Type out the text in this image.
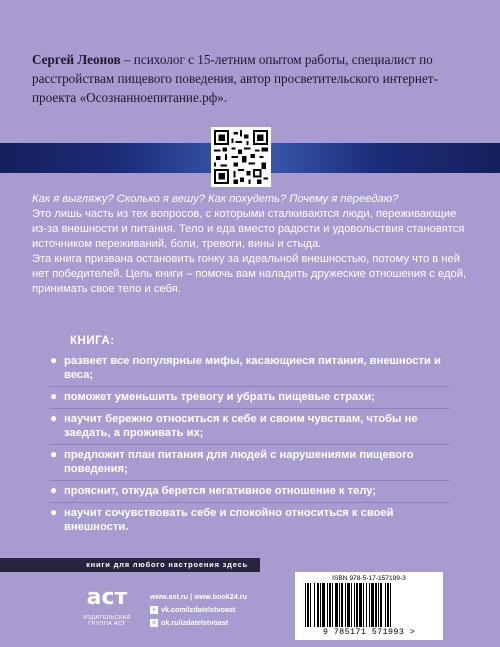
Сергей Леонов – психолог с 15-летним опытом работы, специалист по расстройствам пищевого поведения, автор просветительского интернет-проекта «Осознанноепитание.рф».
Как я выгляжу? Сколько я вешу? Как похудеть? Почему я переедаю?

Это лишь часть из тех вопросов, с которыми сталкиваются люди, переживающие из-за внешности и питания. Тело и еда вместо радости и удовольствия становятся источником переживаний, боли, тревоги, вины и стыда.

Эта книга призвана остановить гонку за идеальной внешностью, потому что в ней нет победителей. Цель книги – помочь вам наладить дружеские отношения с едой, принимать свое тело и себя.

КНИГА:
● развеет все популярные мифы, касающиеся питания, внешности и веса;
● поможет уменьшить тревогу и убрать пищевые страхи;
● научит бережно относиться к себе и своим чувствам, чтобы не заедать, а проживать их;
● предложит план питания для людей с нарушениями пищевого поведения;
● прояснит, откуда берется негативное отношение к телу;
● научит сочувствовать себе и спокойно относиться к своей внешности.
книги для любого настроения здесь
аст
ИЗДАТЕЛЬСКАЯ ГРУППА АСТ
www.ast.ru | www.book24.ru
v vk.com/izdatelstvoast
o ok.ru/izdatelstvoast
ISBN 978-5-17-157199-3
9 785171 571993 >
